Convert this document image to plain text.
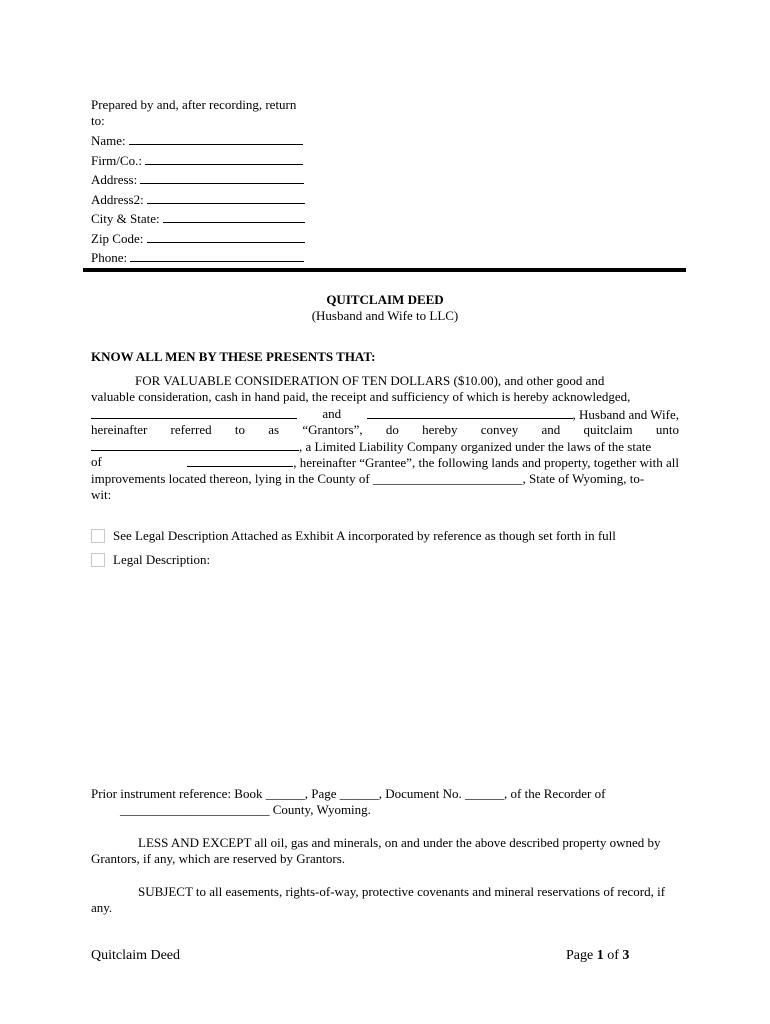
Prepared by and, after recording, return to:
Name:
Firm/Co.:
Address:
Address2:
City & State:
Zip Code:
Phone:
QUITCLAIM DEED
(Husband and Wife to LLC)
KNOW ALL MEN BY THESE PRESENTS THAT:
FOR VALUABLE CONSIDERATION OF TEN DOLLARS ($10.00), and other good and
valuable consideration, cash in hand paid, the receipt and sufficiency of which is hereby acknowledged,
and	, Husband and Wife,
hereinafter referred to as “Grantors”, do hereby convey and quitclaim unto
, a Limited Liability Company organized under the laws of the state
of	, hereinafter “Grantee”, the following lands and property, together with all
improvements located thereon, lying in the County of _______________________, State of Wyoming, to-
wit:
See Legal Description Attached as Exhibit A incorporated by reference as though set forth in full
Legal Description:
Prior instrument reference: Book ______, Page ______, Document No. ______, of the Recorder of
_______________________ County, Wyoming.
LESS AND EXCEPT all oil, gas and minerals, on and under the above described property owned by Grantors, if any, which are reserved by Grantors.
SUBJECT to all easements, rights-of-way, protective covenants and mineral reservations of record, if any.
Quitclaim Deed	Page 1 of 3
